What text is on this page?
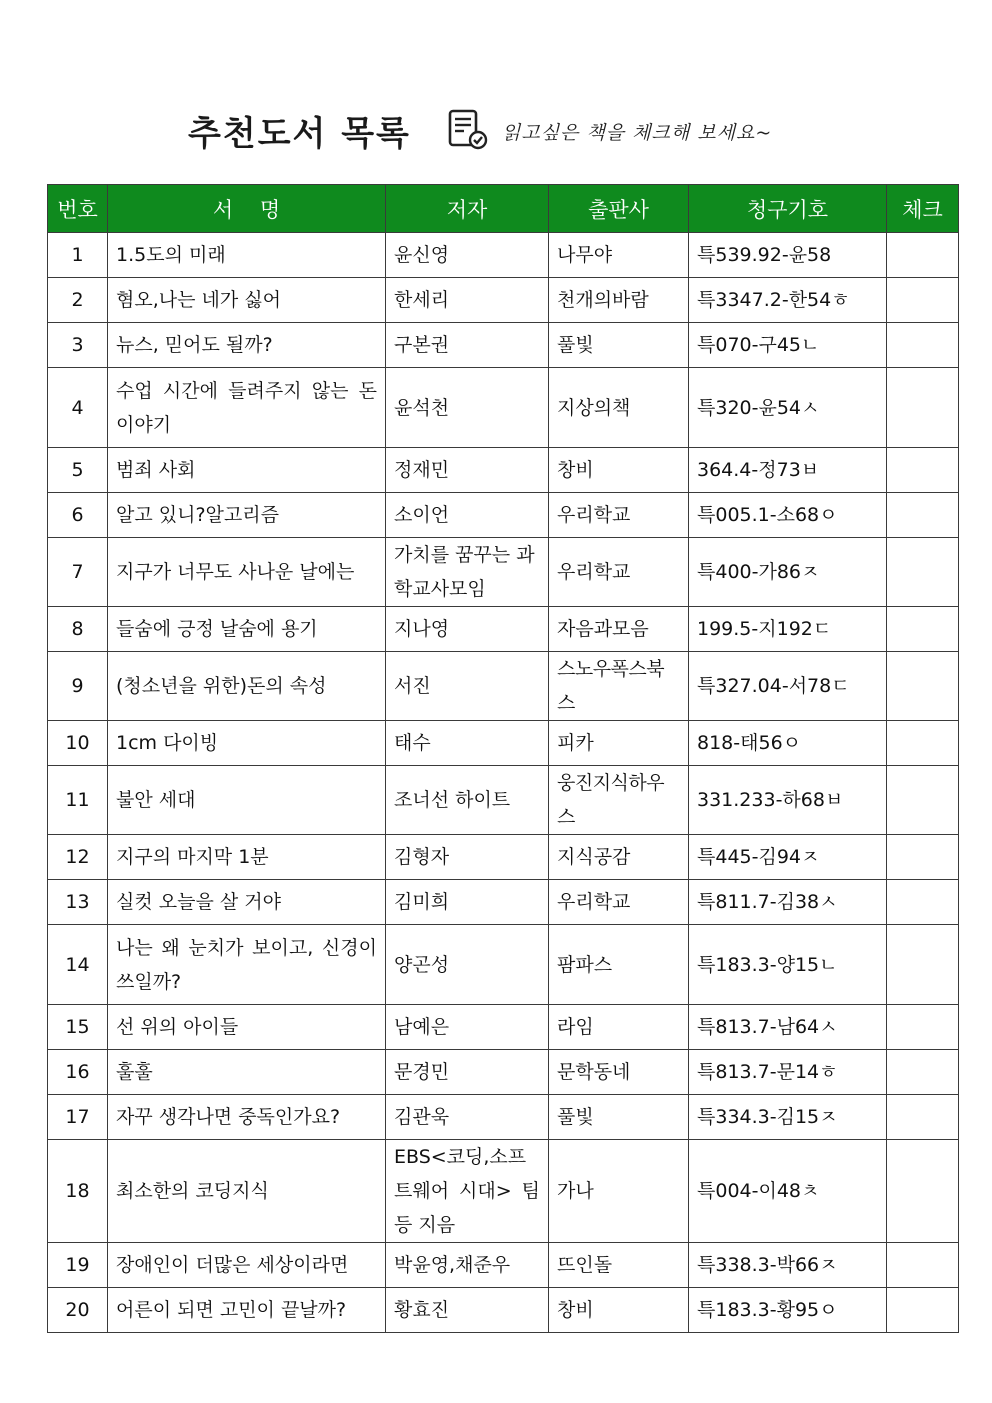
추천도서 목록	읽고싶은 책을 체크해 보세요~
번호	서    명	저자	출판사	청구기호	체크
1	1.5도의 미래	윤신영	나무야	특539.92-윤58	
2	혐오,나는 네가 싫어	한세리	천개의바람	특3347.2-한54ㅎ	
3	뉴스, 믿어도 될까?	구본권	풀빛	특070-구45ㄴ	
4	수업 시간에 들려주지 않는 돈 이야기	윤석천	지상의책	특320-윤54ㅅ	
5	범죄 사회	정재민	창비	364.4-정73ㅂ	
6	알고 있니?알고리즘	소이언	우리학교	특005.1-소68ㅇ	
7	지구가 너무도 사나운 날에는	가치를 꿈꾸는 과학교사모임	우리학교	특400-가86ㅈ	
8	들숨에 긍정 날숨에 용기	지나영	자음과모음	199.5-지192ㄷ	
9	(청소년을 위한)돈의 속성	서진	스노우폭스북스	특327.04-서78ㄷ	
10	1cm 다이빙	태수	피카	818-태56ㅇ	
11	불안 세대	조너선 하이트	웅진지식하우스	331.233-하68ㅂ	
12	지구의 마지막 1분	김형자	지식공감	특445-김94ㅈ	
13	실컷 오늘을 살 거야	김미희	우리학교	특811.7-김38ㅅ	
14	나는 왜 눈치가 보이고, 신경이 쓰일까?	양곤성	팜파스	특183.3-양15ㄴ	
15	선 위의 아이들	남예은	라임	특813.7-남64ㅅ	
16	훌훌	문경민	문학동네	특813.7-문14ㅎ	
17	자꾸 생각나면 중독인가요?	김관욱	풀빛	특334.3-김15ㅈ	
18	최소한의 코딩지식	EBS<코딩,소프트웨어 시대> 팀 등 지음	가나	특004-이48ㅊ	
19	장애인이 더많은 세상이라면	박윤영,채준우	뜨인돌	특338.3-박66ㅈ	
20	어른이 되면 고민이 끝날까?	황효진	창비	특183.3-황95ㅇ	
